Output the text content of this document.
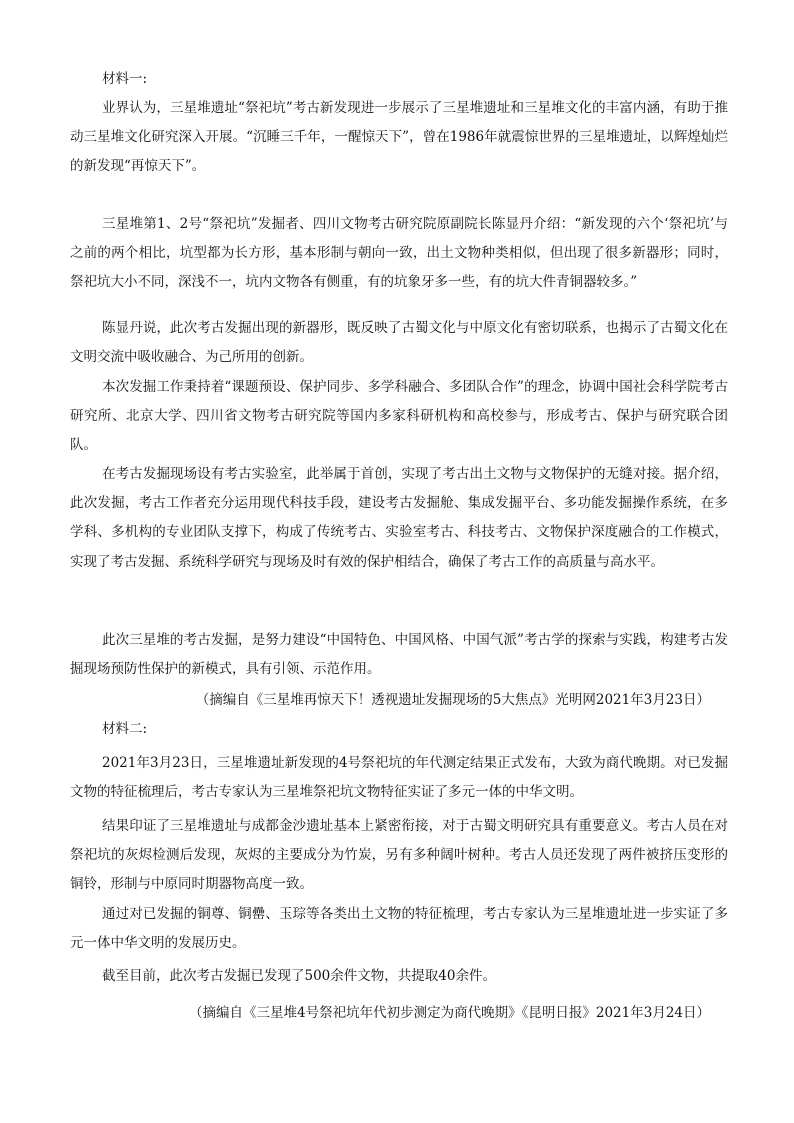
材料一:

业界认为，三星堆遗址“祭祀坑”考古新发现进一步展示了三星堆遗址和三星堆文化的丰富内涵，有助于推动三星堆文化研究深入开展。“沉睡三千年，一醒惊天下”，曾在1986年就震惊世界的三星堆遗址，以辉煌灿烂的新发现“再惊天下”。

三星堆第1、2号“祭祀坑”发掘者、四川文物考古研究院原副院长陈显丹介绍：“新发现的六个‘祭祀坑’与之前的两个相比，坑型都为长方形，基本形制与朝向一致，出土文物种类相似，但出现了很多新器形；同时，祭祀坑大小不同，深浅不一，坑内文物各有侧重，有的坑象牙多一些，有的坑大件青铜器较多。”

陈显丹说，此次考古发掘出现的新器形，既反映了古蜀文化与中原文化有密切联系，也揭示了古蜀文化在文明交流中吸收融合、为己所用的创新。

本次发掘工作秉持着“课题预设、保护同步、多学科融合、多团队合作”的理念，协调中国社会科学院考古研究所、北京大学、四川省文物考古研究院等国内多家科研机构和高校参与，形成考古、保护与研究联合团队。

在考古发掘现场设有考古实验室，此举属于首创，实现了考古出土文物与文物保护的无缝对接。据介绍，此次发掘，考古工作者充分运用现代科技手段，建设考古发掘舱、集成发掘平台、多功能发掘操作系统，在多学科、多机构的专业团队支撑下，构成了传统考古、实验室考古、科技考古、文物保护深度融合的工作模式，实现了考古发掘、系统科学研究与现场及时有效的保护相结合，确保了考古工作的高质量与高水平。

此次三星堆的考古发掘，是努力建设“中国特色、中国风格、中国气派”考古学的探索与实践，构建考古发掘现场预防性保护的新模式，具有引领、示范作用。

（摘编自《三星堆再惊天下！透视遗址发掘现场的5大焦点》光明网2021年3月23日）
材料二:

2021年3月23日，三星堆遗址新发现的4号祭祀坑的年代测定结果正式发布，大致为商代晚期。对已发掘文物的特征梳理后，考古专家认为三星堆祭祀坑文物特征实证了多元一体的中华文明。

结果印证了三星堆遗址与成都金沙遗址基本上紧密衔接，对于古蜀文明研究具有重要意义。考古人员在对祭祀坑的灰烬检测后发现，灰烬的主要成分为竹炭，另有多种阔叶树种。考古人员还发现了两件被挤压变形的铜铃，形制与中原同时期器物高度一致。

通过对已发掘的铜尊、铜罍、玉琮等各类出土文物的特征梳理，考古专家认为三星堆遗址进一步实证了多元一体中华文明的发展历史。

截至目前，此次考古发掘已发现了500余件文物，共提取40余件。

（摘编自《三星堆4号祭祀坑年代初步测定为商代晚期》《昆明日报》2021年3月24日）
